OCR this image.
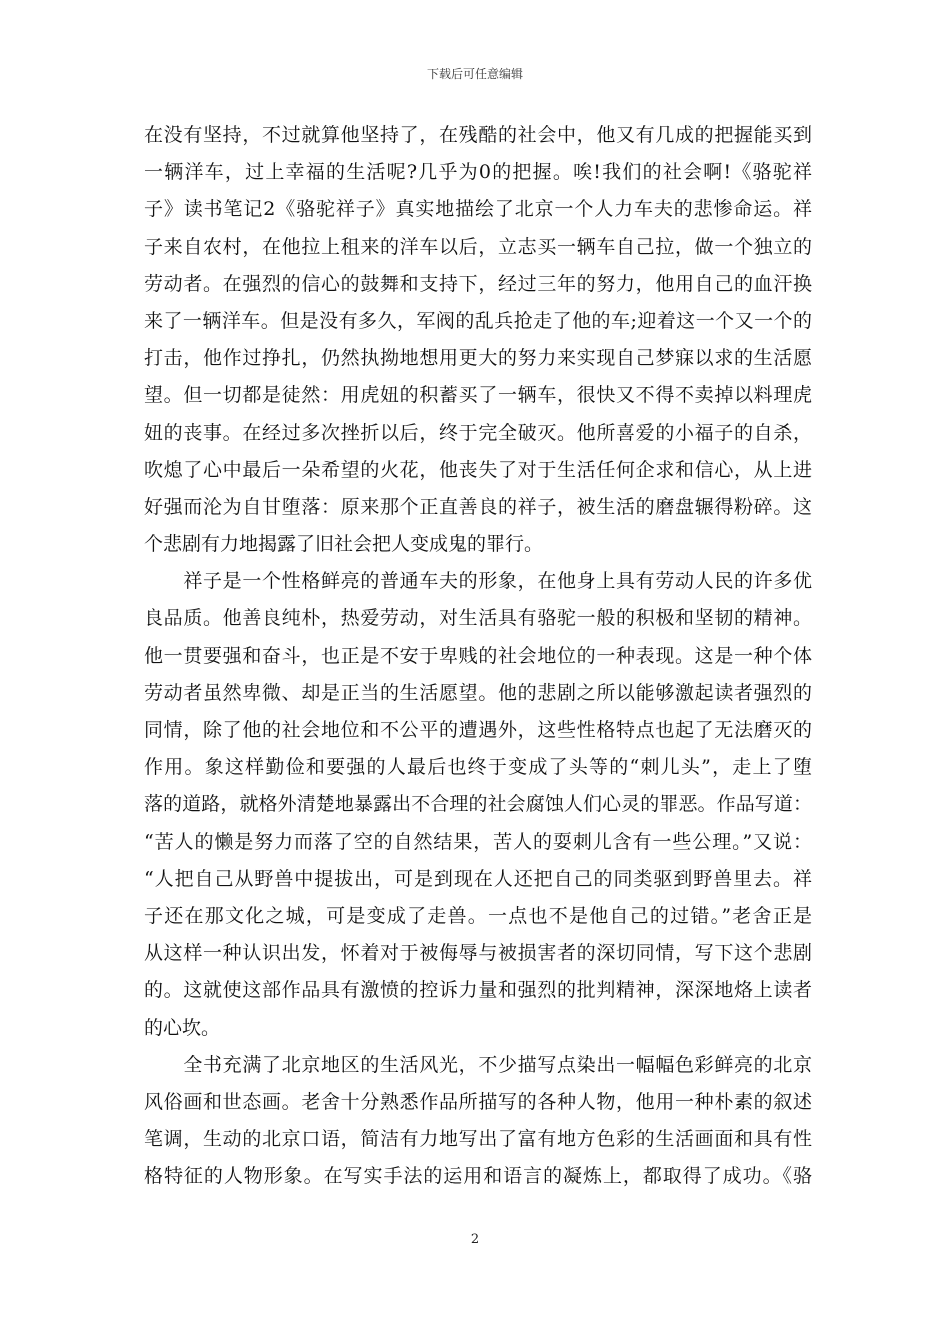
下载后可任意编辑
在没有坚持，不过就算他坚持了，在残酷的社会中，他又有几成的把握能买到
一辆洋车，过上幸福的生活呢?几乎为0的把握。唉!我们的社会啊!《骆驼祥
子》读书笔记2《骆驼祥子》真实地描绘了北京一个人力车夫的悲惨命运。祥
子来自农村，在他拉上租来的洋车以后，立志买一辆车自己拉，做一个独立的
劳动者。在强烈的信心的鼓舞和支持下，经过三年的努力，他用自己的血汗换
来了一辆洋车。但是没有多久，军阀的乱兵抢走了他的车;迎着这一个又一个的
打击，他作过挣扎，仍然执拗地想用更大的努力来实现自己梦寐以求的生活愿
望。但一切都是徒然：用虎妞的积蓄买了一辆车，很快又不得不卖掉以料理虎
妞的丧事。在经过多次挫折以后，终于完全破灭。他所喜爱的小福子的自杀，
吹熄了心中最后一朵希望的火花，他丧失了对于生活任何企求和信心，从上进
好强而沦为自甘堕落：原来那个正直善良的祥子，被生活的磨盘辗得粉碎。这
个悲剧有力地揭露了旧社会把人变成鬼的罪行。
　　祥子是一个性格鲜亮的普通车夫的形象，在他身上具有劳动人民的许多优
良品质。他善良纯朴，热爱劳动，对生活具有骆驼一般的积极和坚韧的精神。
他一贯要强和奋斗，也正是不安于卑贱的社会地位的一种表现。这是一种个体
劳动者虽然卑微、却是正当的生活愿望。他的悲剧之所以能够激起读者强烈的
同情，除了他的社会地位和不公平的遭遇外，这些性格特点也起了无法磨灭的
作用。象这样勤俭和要强的人最后也终于变成了头等的“刺儿头”，走上了堕
落的道路，就格外清楚地暴露出不合理的社会腐蚀人们心灵的罪恶。作品写道：
“苦人的懒是努力而落了空的自然结果，苦人的耍刺儿含有一些公理。”又说：
“人把自己从野兽中提拔出，可是到现在人还把自己的同类驱到野兽里去。祥
子还在那文化之城，可是变成了走兽。一点也不是他自己的过错。”老舍正是
从这样一种认识出发，怀着对于被侮辱与被损害者的深切同情，写下这个悲剧
的。这就使这部作品具有激愤的控诉力量和强烈的批判精神，深深地烙上读者
的心坎。
　　全书充满了北京地区的生活风光，不少描写点染出一幅幅色彩鲜亮的北京
风俗画和世态画。老舍十分熟悉作品所描写的各种人物，他用一种朴素的叙述
笔调，生动的北京口语，简洁有力地写出了富有地方色彩的生活画面和具有性
格特征的人物形象。在写实手法的运用和语言的凝炼上，都取得了成功。《骆
2
